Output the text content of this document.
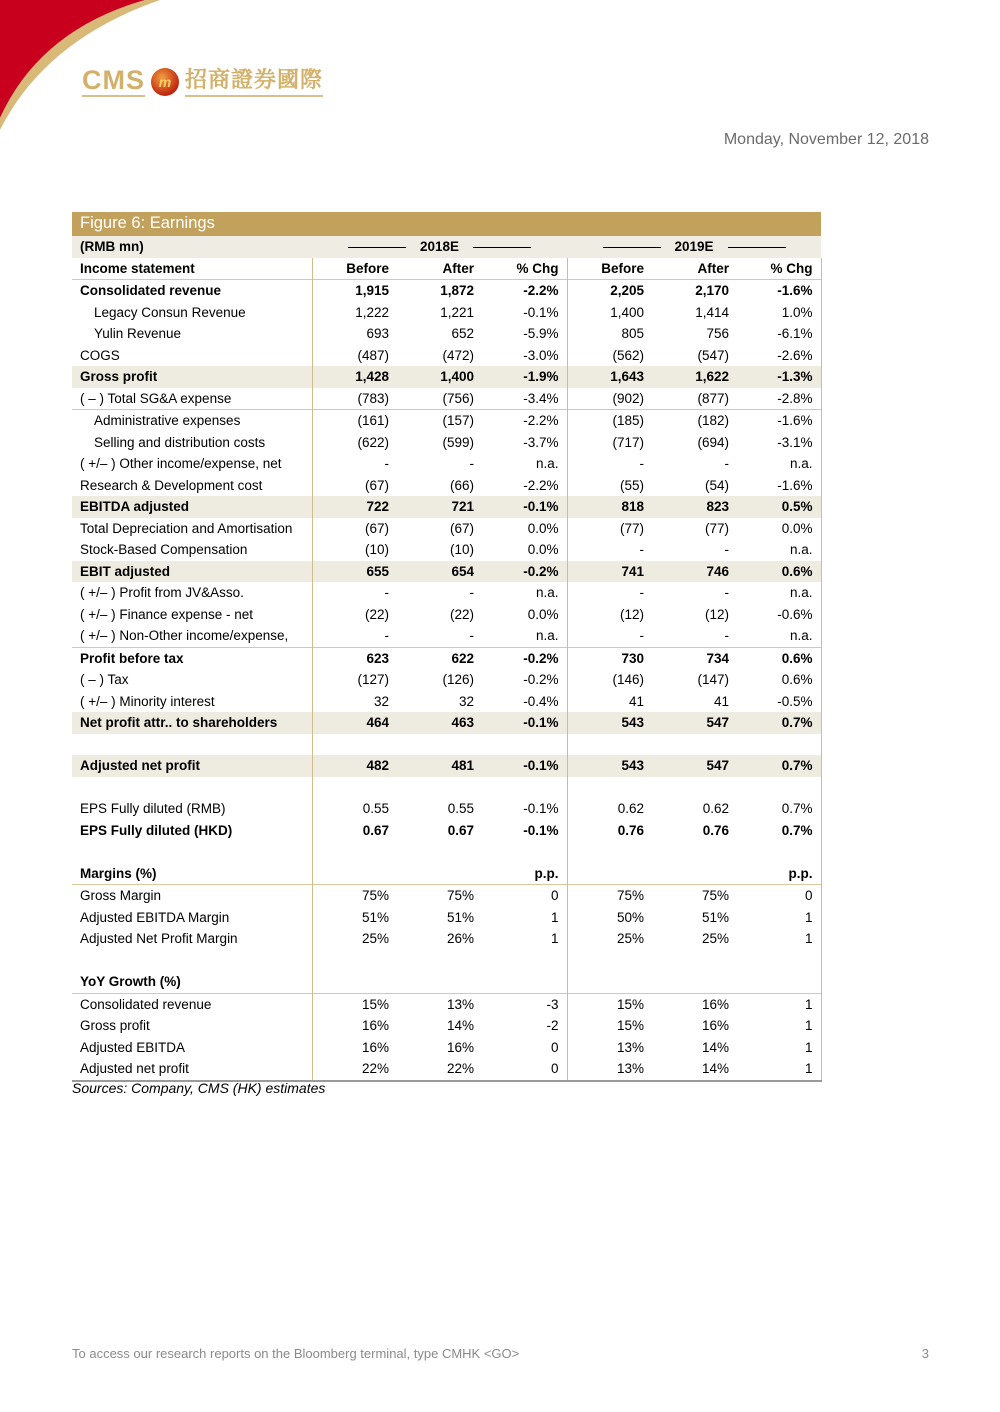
CMS m 招商證券國際
Monday, November 12, 2018
Figure 6: Earnings
(RMB mn)	2018E			2019E		
Income statement	Before	After	% Chg	Before	After	% Chg
Consolidated revenue	1,915	1,872	-2.2%	2,205	2,170	-1.6%
Legacy Consun Revenue	1,222	1,221	-0.1%	1,400	1,414	1.0%
Yulin Revenue	693	652	-5.9%	805	756	-6.1%
COGS	(487)	(472)	-3.0%	(562)	(547)	-2.6%
Gross profit	1,428	1,400	-1.9%	1,643	1,622	-1.3%
( – ) Total SG&A expense	(783)	(756)	-3.4%	(902)	(877)	-2.8%
Administrative expenses	(161)	(157)	-2.2%	(185)	(182)	-1.6%
Selling and distribution costs	(622)	(599)	-3.7%	(717)	(694)	-3.1%
( +/– ) Other income/expense, net	-	-	n.a.	-	-	n.a.
Research & Development cost	(67)	(66)	-2.2%	(55)	(54)	-1.6%
EBITDA adjusted	722	721	-0.1%	818	823	0.5%
Total Depreciation and Amortisation	(67)	(67)	0.0%	(77)	(77)	0.0%
Stock-Based Compensation	(10)	(10)	0.0%	-	-	n.a.
EBIT adjusted	655	654	-0.2%	741	746	0.6%
( +/– ) Profit from JV&Asso.	-	-	n.a.	-	-	n.a.
( +/– ) Finance expense - net	(22)	(22)	0.0%	(12)	(12)	-0.6%
( +/– ) Non-Other income/expense,	-	-	n.a.	-	-	n.a.
Profit before tax	623	622	-0.2%	730	734	0.6%
( – ) Tax	(127)	(126)	-0.2%	(146)	(147)	0.6%
( +/– ) Minority interest	32	32	-0.4%	41	41	-0.5%
Net profit attr.. to shareholders	464	463	-0.1%	543	547	0.7%

Adjusted net profit	482	481	-0.1%	543	547	0.7%

EPS Fully diluted (RMB)	0.55	0.55	-0.1%	0.62	0.62	0.7%
EPS Fully diluted (HKD)	0.67	0.67	-0.1%	0.76	0.76	0.7%

Margins (%)			p.p.			p.p.
Gross Margin	75%	75%	0	75%	75%	0
Adjusted EBITDA Margin	51%	51%	1	50%	51%	1
Adjusted Net Profit Margin	25%	26%	1	25%	25%	1

YoY Growth (%)						
Consolidated revenue	15%	13%	-3	15%	16%	1
Gross profit	16%	14%	-2	15%	16%	1
Adjusted EBITDA	16%	16%	0	13%	14%	1
Adjusted net profit	22%	22%	0	13%	14%	1
Sources: Company, CMS (HK) estimates
To access our research reports on the Bloomberg terminal, type CMHK <GO>	3
